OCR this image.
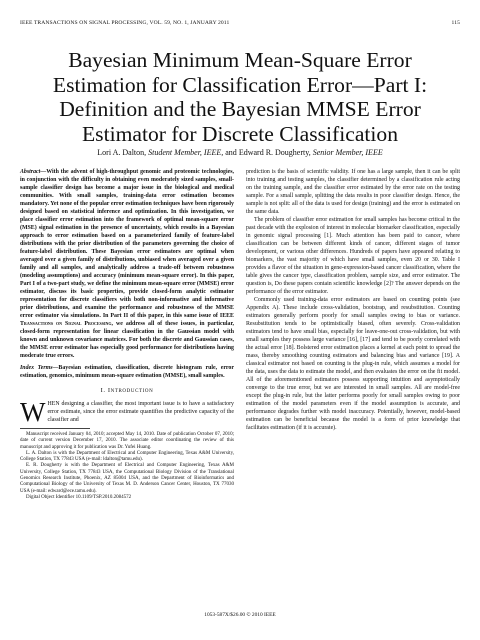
IEEE TRANSACTIONS ON SIGNAL PROCESSING, VOL. 59, NO. 1, JANUARY 2011	115
Bayesian Minimum Mean-Square Error
Estimation for Classification Error—Part I:
Definition and the Bayesian MMSE Error
Estimator for Discrete Classification
Lori A. Dalton, Student Member, IEEE, and Edward R. Dougherty, Senior Member, IEEE

Abstract—With the advent of high-throughput genomic and proteomic technologies, in conjunction with the difficulty in obtaining even moderately sized samples, small-sample classifier design has become a major issue in the biological and medical communities. With small samples, training-data error estimation becomes mandatory. Yet none of the popular error estimation techniques have been rigorously designed based on statistical inference and optimization. In this investigation, we place classifier error estimation into the framework of optimal mean-square error (MSE) signal estimation in the presence of uncertainty, which results in a Bayesian approach to error estimation based on a parameterized family of feature-label distributions with the prior distribution of the parameters governing the choice of feature-label distribution. These Bayesian error estimators are optimal when averaged over a given family of distributions, unbiased when averaged over a given family and all samples, and analytically address a trade-off between robustness (modeling assumptions) and accuracy (minimum mean-square error). In this paper, Part I of a two-part study, we define the minimum mean-square error (MMSE) error estimator, discuss its basic properties, provide closed-form analytic estimator representation for discrete classifiers with both non-informative and informative prior distributions, and examine the performance and robustness of the MMSE error estimator via simulations. In Part II of this paper, in this same issue of IEEE Transactions on Signal Processing, we address all of these issues, in particular, closed-form representation for linear classification in the Gaussian model with known and unknown covariance matrices. For both the discrete and Gaussian cases, the MMSE error estimator has especially good performance for distributions having moderate true errors.

Index Terms—Bayesian estimation, classification, discrete histogram rule, error estimation, genomics, minimum mean-square estimation (MMSE), small samples.

I. Introduction
WHEN designing a classifier, the most important issue is to have a satisfactory error estimate, since the error estimate quantifies the predictive capacity of the classifier and

Manuscript received January 04, 2010; accepted May 14, 2010. Date of publication October 07, 2010; date of current version December 17, 2010. The associate editor coordinating the review of this manuscript and approving it for publication was Dr. Yufei Huang.

L. A. Dalton is with the Department of Electrical and Computer Engineering, Texas A&M University, College Station, TX 77843 USA (e-mail: ldalton@tamu.edu).

E. R. Dougherty is with the Department of Electrical and Computer Engineering, Texas A&M University, College Station, TX 77843 USA, the Computational Biology Division of the Translational Genomics Research Institute, Phoenix, AZ 85004 USA, and the Department of Bioinformatics and Computational Biology of the University of Texas M. D. Anderson Cancer Center, Houston, TX 77030 USA (e-mail: edward@ece.tamu.edu).

Digital Object Identifier 10.1109/TSP.2010.2084572

prediction is the basis of scientific validity. If one has a large sample, then it can be split into training and testing samples, the classifier determined by a classification rule acting on the training sample, and the classifier error estimated by the error rate on the testing sample. For a small sample, splitting the data results in poor classifier design. Hence, the sample is not split: all of the data is used for design (training) and the error is estimated on the same data.

The problem of classifier error estimation for small samples has become critical in the past decade with the explosion of interest in molecular biomarker classification, especially in genomic signal processing [1]. Much attention has been paid to cancer, where classification can be between different kinds of cancer, different stages of tumor development, or various other differences. Hundreds of papers have appeared relating to biomarkers, the vast majority of which have small samples, even 20 or 30. Table I provides a flavor of the situation in gene-expression-based cancer classification, where the table gives the cancer type, classification problem, sample size, and error estimator. The question is, Do these papers contain scientific knowledge [2]? The answer depends on the performance of the error estimator.

Commonly used training-data error estimators are based on counting points (see Appendix A). These include cross-validation, bootstrap, and resubstitution. Counting estimators generally perform poorly for small samples owing to bias or variance. Resubstitution tends to be optimistically biased, often severely. Cross-validation estimators tend to have small bias, especially for leave-one-out cross-validation, but with small samples they possess large variance [16], [17] and tend to be poorly correlated with the actual error [18]. Bolstered error estimation places a kernel at each point to spread the mass, thereby smoothing counting estimators and balancing bias and variance [19]. A classical estimator not based on counting is the plug-in rule, which assumes a model for the data, uses the data to estimate the model, and then evaluates the error on the fit model. All of the aforementioned estimators possess supporting intuition and asymptotically converge to the true error, but we are interested in small samples. All are model-free except the plug-in rule, but the latter performs poorly for small samples owing to poor estimation of the model parameters even if the model assumption is accurate, and performance degrades further with model inaccuracy. Potentially, however, model-based estimation can be beneficial because the model is a form of prior knowledge that facilitates estimation (if it is accurate).

1053-587X/$26.00 © 2010 IEEE
